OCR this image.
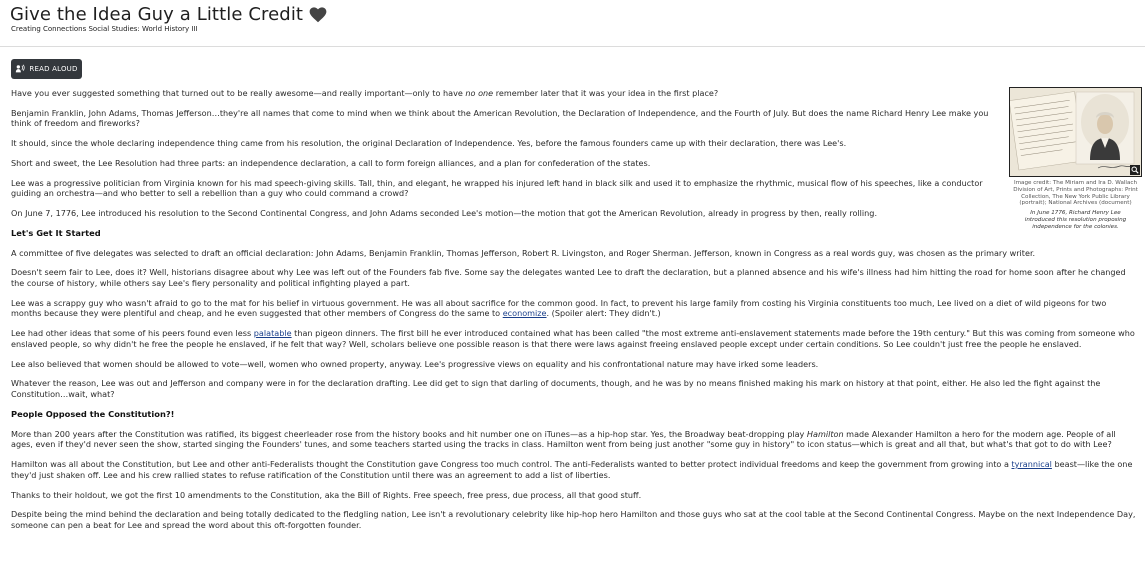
Give the Idea Guy a Little Credit
Creating Connections Social Studies: World History III
READ ALOUD
Image credit: The Miriam and Ira D. Wallach Division of Art, Prints and Photographs: Print Collection, The New York Public Library (portrait); National Archives (document)
In June 1776, Richard Henry Lee introduced this resolution proposing independence for the colonies.

Have you ever suggested something that turned out to be really awesome—and really important—only to have no one remember later that it was your idea in the first place?

Benjamin Franklin, John Adams, Thomas Jefferson…they're all names that come to mind when we think about the American Revolution, the Declaration of Independence, and the Fourth of July. But does the name Richard Henry Lee make you think of freedom and fireworks?

It should, since the whole declaring independence thing came from his resolution, the original Declaration of Independence. Yes, before the famous founders came up with their declaration, there was Lee's.

Short and sweet, the Lee Resolution had three parts: an independence declaration, a call to form foreign alliances, and a plan for confederation of the states.

Lee was a progressive politician from Virginia known for his mad speech-giving skills. Tall, thin, and elegant, he wrapped his injured left hand in black silk and used it to emphasize the rhythmic, musical flow of his speeches, like a conductor guiding an orchestra—and who better to sell a rebellion than a guy who could command a crowd?

On June 7, 1776, Lee introduced his resolution to the Second Continental Congress, and John Adams seconded Lee's motion—the motion that got the American Revolution, already in progress by then, really rolling.

Let's Get It Started

A committee of five delegates was selected to draft an official declaration: John Adams, Benjamin Franklin, Thomas Jefferson, Robert R. Livingston, and Roger Sherman. Jefferson, known in Congress as a real words guy, was chosen as the primary writer.

Doesn't seem fair to Lee, does it? Well, historians disagree about why Lee was left out of the Founders fab five. Some say the delegates wanted Lee to draft the declaration, but a planned absence and his wife's illness had him hitting the road for home soon after he changed the course of history, while others say Lee's fiery personality and political infighting played a part.

Lee was a scrappy guy who wasn't afraid to go to the mat for his belief in virtuous government. He was all about sacrifice for the common good. In fact, to prevent his large family from costing his Virginia constituents too much, Lee lived on a diet of wild pigeons for two months because they were plentiful and cheap, and he even suggested that other members of Congress do the same to economize. (Spoiler alert: They didn't.)

Lee had other ideas that some of his peers found even less palatable than pigeon dinners. The first bill he ever introduced contained what has been called "the most extreme anti-enslavement statements made before the 19th century." But this was coming from someone who enslaved people, so why didn't he free the people he enslaved, if he felt that way? Well, scholars believe one possible reason is that there were laws against freeing enslaved people except under certain conditions. So Lee couldn't just free the people he enslaved.

Lee also believed that women should be allowed to vote—well, women who owned property, anyway. Lee's progressive views on equality and his confrontational nature may have irked some leaders.

Whatever the reason, Lee was out and Jefferson and company were in for the declaration drafting. Lee did get to sign that darling of documents, though, and he was by no means finished making his mark on history at that point, either. He also led the fight against the Constitution…wait, what?

People Opposed the Constitution?!

More than 200 years after the Constitution was ratified, its biggest cheerleader rose from the history books and hit number one on iTunes—as a hip-hop star. Yes, the Broadway beat-dropping play Hamilton made Alexander Hamilton a hero for the modern age. People of all ages, even if they'd never seen the show, started singing the Founders' tunes, and some teachers started using the tracks in class. Hamilton went from being just another "some guy in history" to icon status—which is great and all that, but what's that got to do with Lee?

Hamilton was all about the Constitution, but Lee and other anti-Federalists thought the Constitution gave Congress too much control. The anti-Federalists wanted to better protect individual freedoms and keep the government from growing into a tyrannical beast—like the one they'd just shaken off. Lee and his crew rallied states to refuse ratification of the Constitution until there was an agreement to add a list of liberties.

Thanks to their holdout, we got the first 10 amendments to the Constitution, aka the Bill of Rights. Free speech, free press, due process, all that good stuff.

Despite being the mind behind the declaration and being totally dedicated to the fledgling nation, Lee isn't a revolutionary celebrity like hip-hop hero Hamilton and those guys who sat at the cool table at the Second Continental Congress. Maybe on the next Independence Day, someone can pen a beat for Lee and spread the word about this oft-forgotten founder.
